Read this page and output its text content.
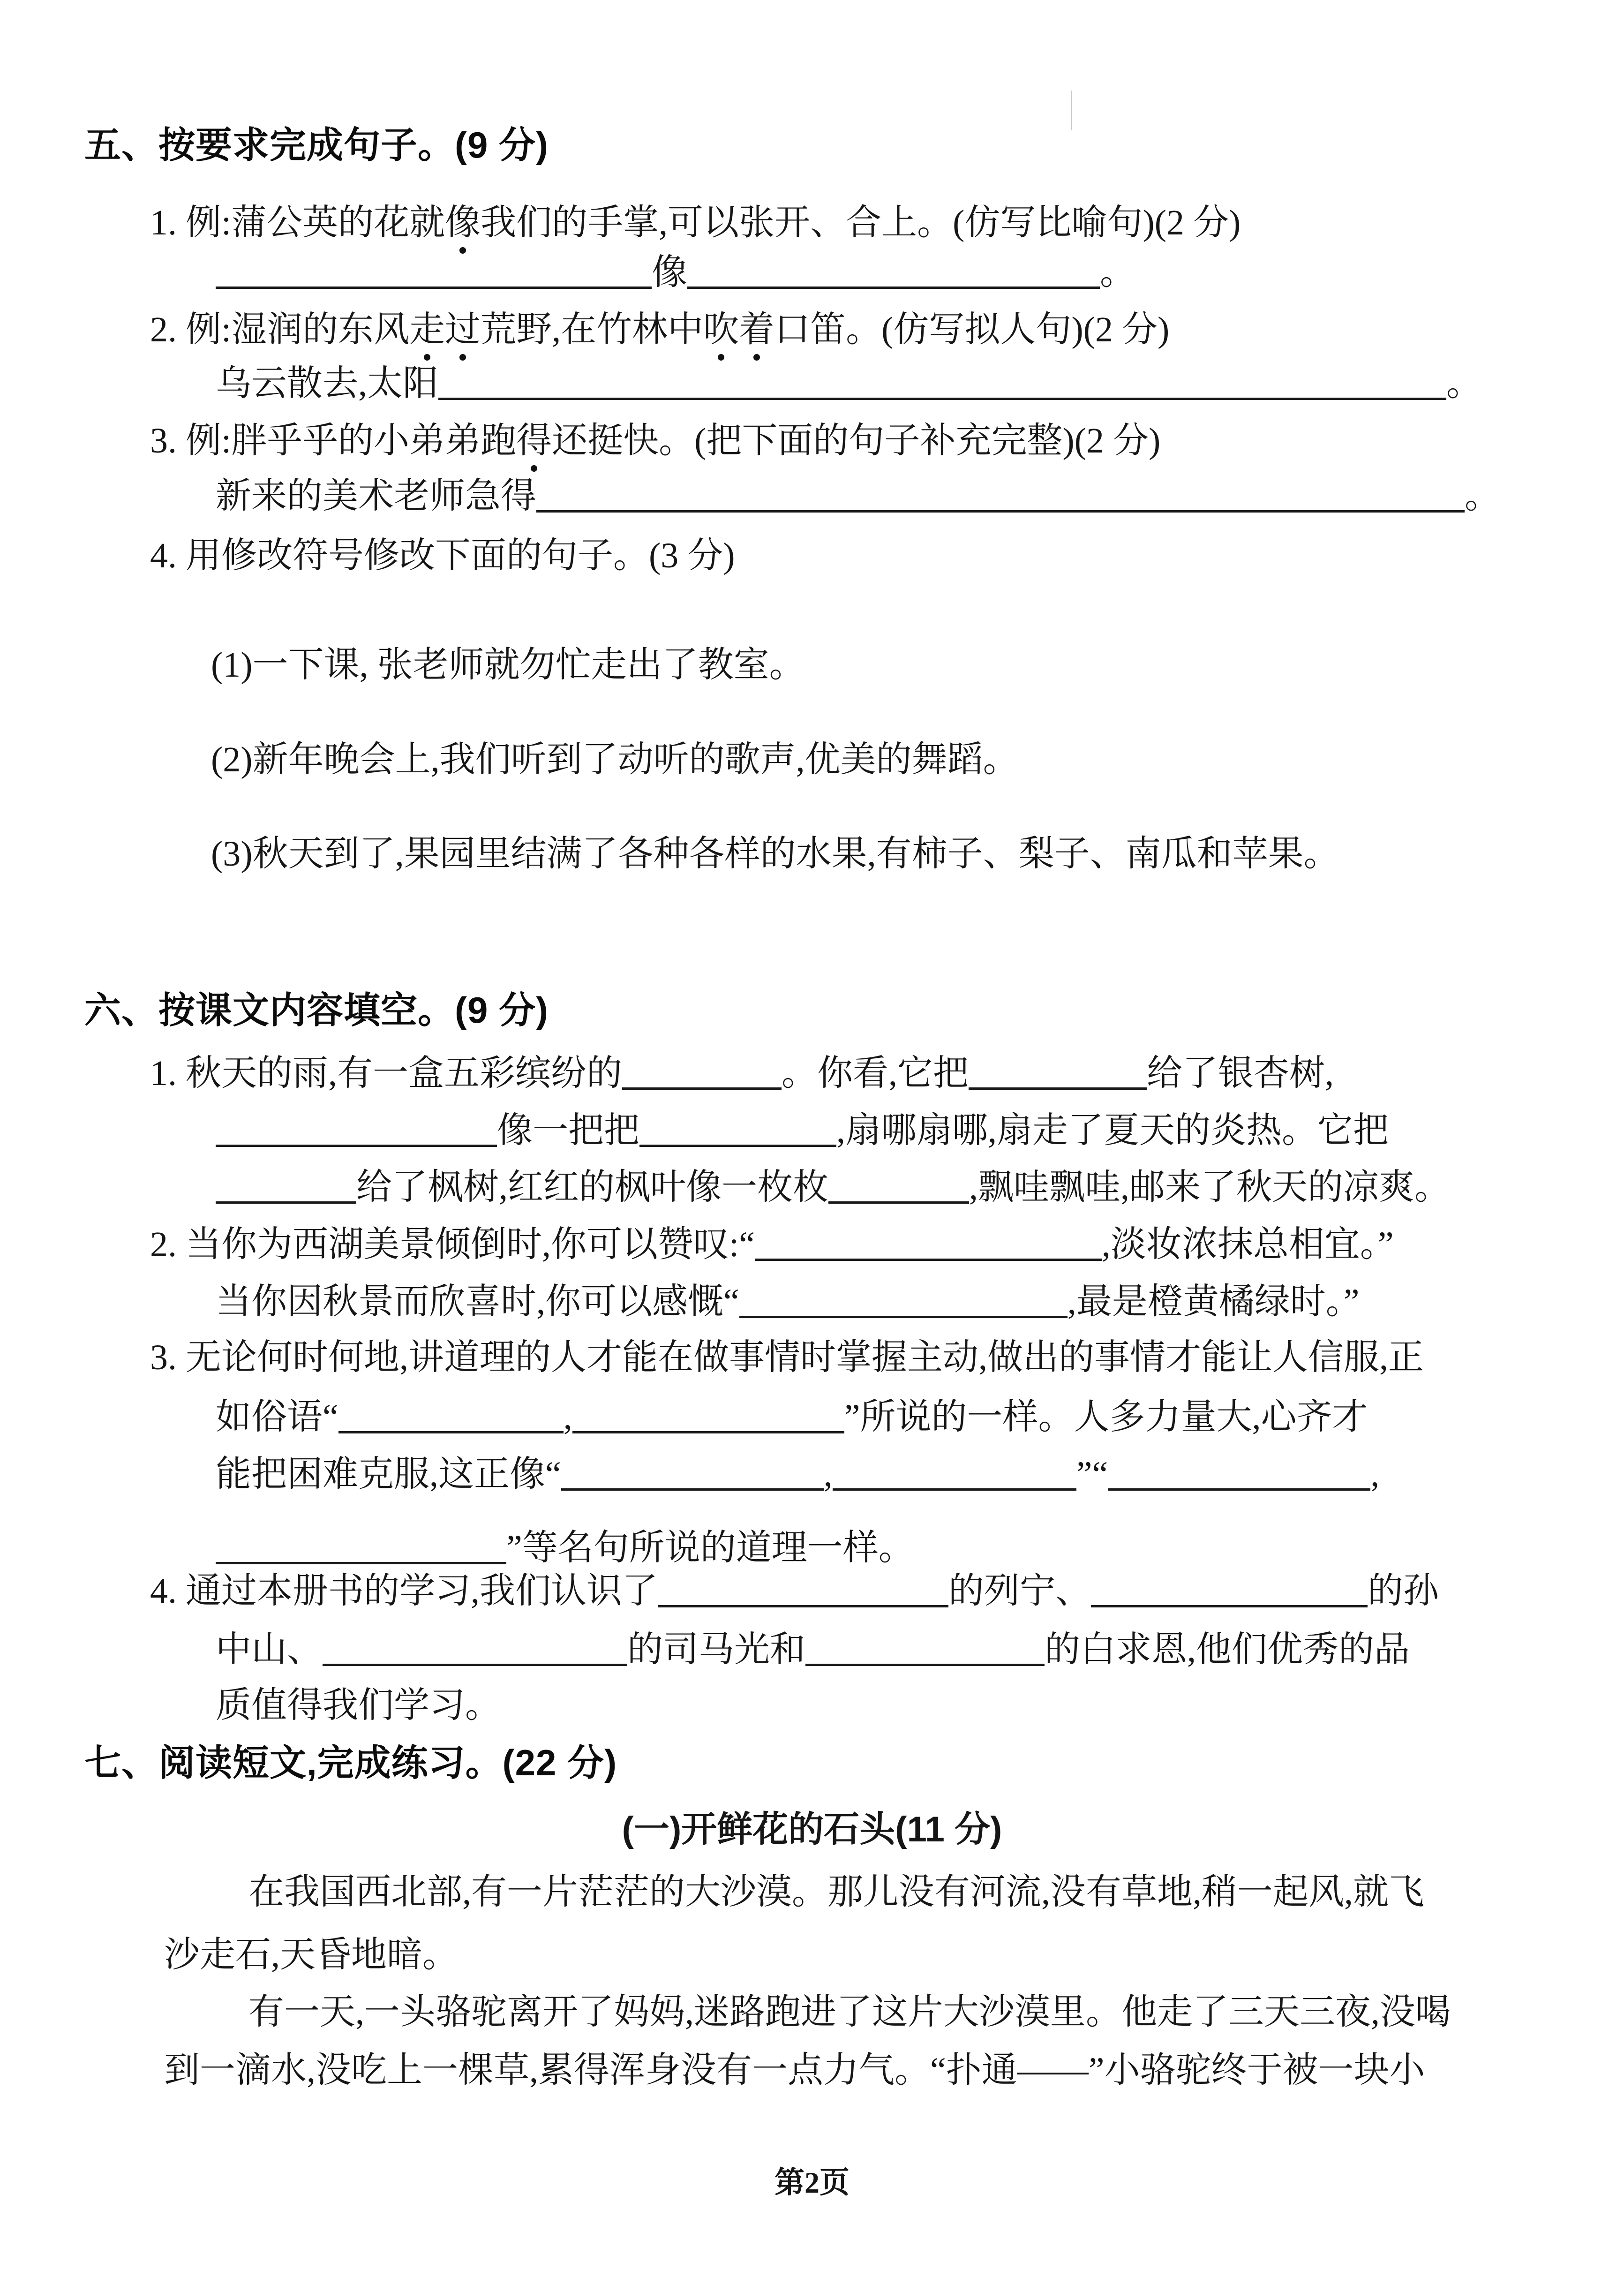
五、按要求完成句子。(9 分)
1. 例:蒲公英的花就像我们的手掌,可以张开、合上。(仿写比喻句)(2 分)
像	。
2. 例:湿润的东风走过荒野,在竹林中吹着口笛。(仿写拟人句)(2 分)
乌云散去,太阳	。
3. 例:胖乎乎的小弟弟跑得还挺快。(把下面的句子补充完整)(2 分)
新来的美术老师急得	。
4. 用修改符号修改下面的句子。(3 分)
(1)一下课, 张老师就勿忙走出了教室。
(2)新年晚会上,我们听到了动听的歌声,优美的舞蹈。
(3)秋天到了,果园里结满了各种各样的水果,有柿子、梨子、南瓜和苹果。
六、按课文内容填空。(9 分)
1. 秋天的雨,有一盒五彩缤纷的	。你看,它把	给了银杏树,
像一把把	,扇哪扇哪,扇走了夏天的炎热。它把
给了枫树,红红的枫叶像一枚枚	,飘哇飘哇,邮来了秋天的凉爽。
2. 当你为西湖美景倾倒时,你可以赞叹:“	,淡妆浓抹总相宜。”
当你因秋景而欣喜时,你可以感慨“	,最是橙黄橘绿时。”
3. 无论何时何地,讲道理的人才能在做事情时掌握主动,做出的事情才能让人信服,正
如俗语“	,	”所说的一样。人多力量大,心齐才
能把困难克服,这正像“	,	”“	,
”等名句所说的道理一样。
4. 通过本册书的学习,我们认识了	的列宁、	的孙
中山、	的司马光和	的白求恩,他们优秀的品
质值得我们学习。
七、阅读短文,完成练习。(22 分)
(一)开鲜花的石头(11 分)
在我国西北部,有一片茫茫的大沙漠。那儿没有河流,没有草地,稍一起风,就飞
沙走石,天昏地暗。
有一天,一头骆驼离开了妈妈,迷路跑进了这片大沙漠里。他走了三天三夜,没喝
到一滴水,没吃上一棵草,累得浑身没有一点力气。“扑通——”小骆驼终于被一块小
第2页
